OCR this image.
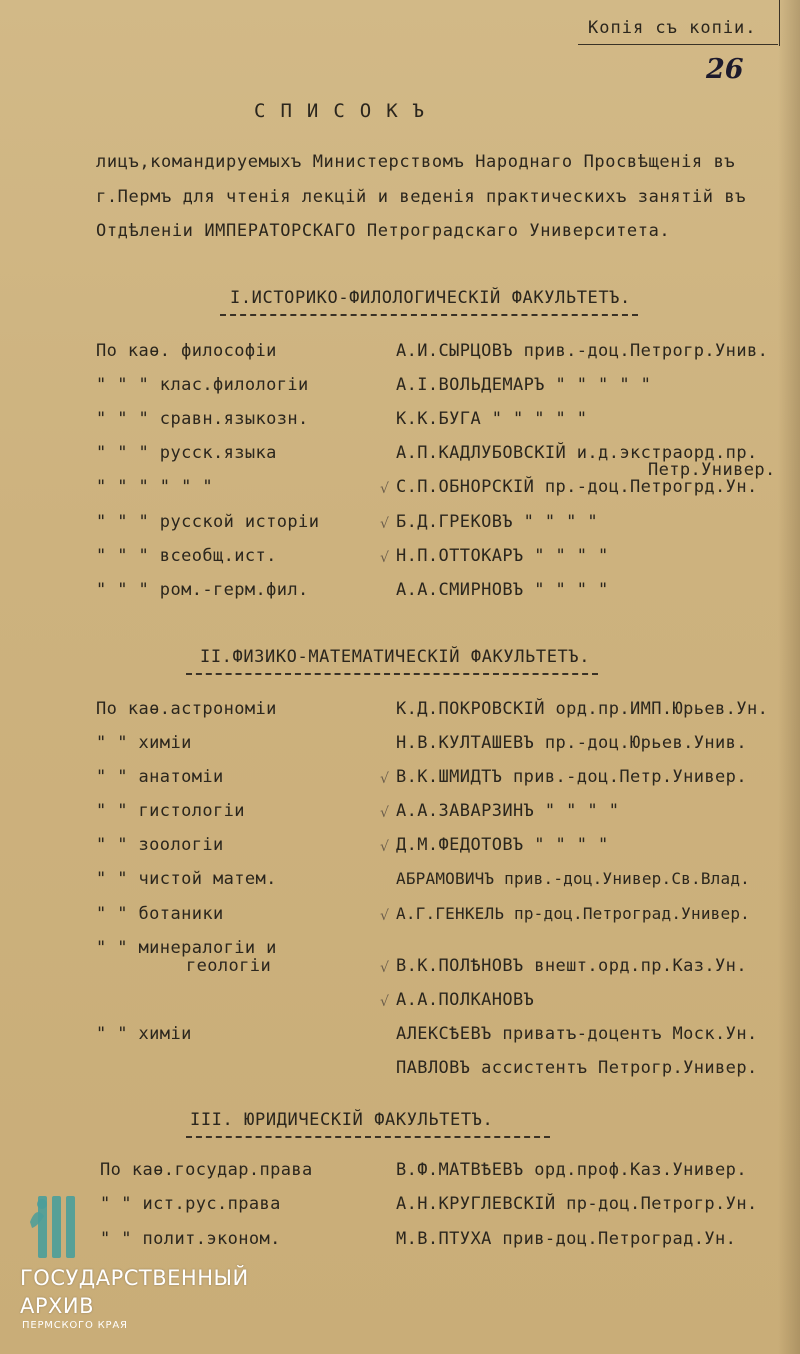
Копія съ копіи.
26
СПИСОКЪ
лицъ,командируемыхъ Министерствомъ Народнаго Просвѣщенія въ
г.Пермъ для чтенія лекцій и веденія практическихъ занятій въ
Отдѣленіи ИМПЕРАТОРСКАГО Петроградскаго Университета.
I.ИСТОРИКО-ФИЛОЛОГИЧЕСКІЙ ФАКУЛЬТЕТЪ.
По каѳ. философіи	А.И.СЫРЦОВЪ прив.-доц.Петрогр.Унив.
" " " клас.филологіи	А.І.ВОЛЬДЕМАРЪ " " " " "
" " " сравн.языкозн.	К.К.БУГА " " " " "
" " " русск.языка	А.П.КАДЛУБОВСКІЙ и.д.экстраорд.пр.
Петр.Универ.
" " " " " "	√ С.П.ОБНОРСКІЙ пр.-доц.Петрогрд.Ун.
" " " русской исторіи	√ Б.Д.ГРЕКОВЪ " " " "
" " " всеобщ.ист.	√ Н.П.ОТТОКАРЪ " " " "
" " " ром.-герм.фил.	А.А.СМИРНОВЪ " " " "
II.ФИЗИКО-МАТЕМАТИЧЕСКІЙ ФАКУЛЬТЕТЪ.
По каѳ.астрономіи	К.Д.ПОКРОВСКІЙ орд.пр.ИМП.Юрьев.Ун.
" " химіи	Н.В.КУЛТАШЕВЪ пр.-доц.Юрьев.Унив.
" " анатоміи	√ В.К.ШМИДТЪ прив.-доц.Петр.Универ.
" " гистологіи	√ А.А.ЗАВАРЗИНЪ " " " "
" " зоологіи	√ Д.М.ФЕДОТОВЪ " " " "
" " чистой матем.	АБРАМОВИЧЪ прив.-доц.Универ.Св.Влад.
" " ботаники	√ А.Г.ГЕНКЕЛЬ пр-доц.Петроград.Универ.
" " минералогіи и
геологіи	√ В.К.ПОЛѢНОВЪ внешт.орд.пр.Каз.Ун.
√ А.А.ПОЛКАНОВЪ
" " химіи	АЛЕКСѢЕВЪ приватъ-доцентъ Моск.Ун.
ПАВЛОВЪ ассистентъ Петрогр.Универ.
III. ЮРИДИЧЕСКІЙ ФАКУЛЬТЕТЪ.
По каѳ.государ.права	В.Ф.МАТВѢЕВЪ орд.проф.Каз.Универ.
" " ист.рус.права	А.Н.КРУГЛЕВСКІЙ пр-доц.Петрогр.Ун.
" " полит.эконом.	М.В.ПТУХА прив-доц.Петроград.Ун.
ГОСУДАРСТВЕННЫЙ
АРХИВ
ПЕРМСКОГО КРАЯ
